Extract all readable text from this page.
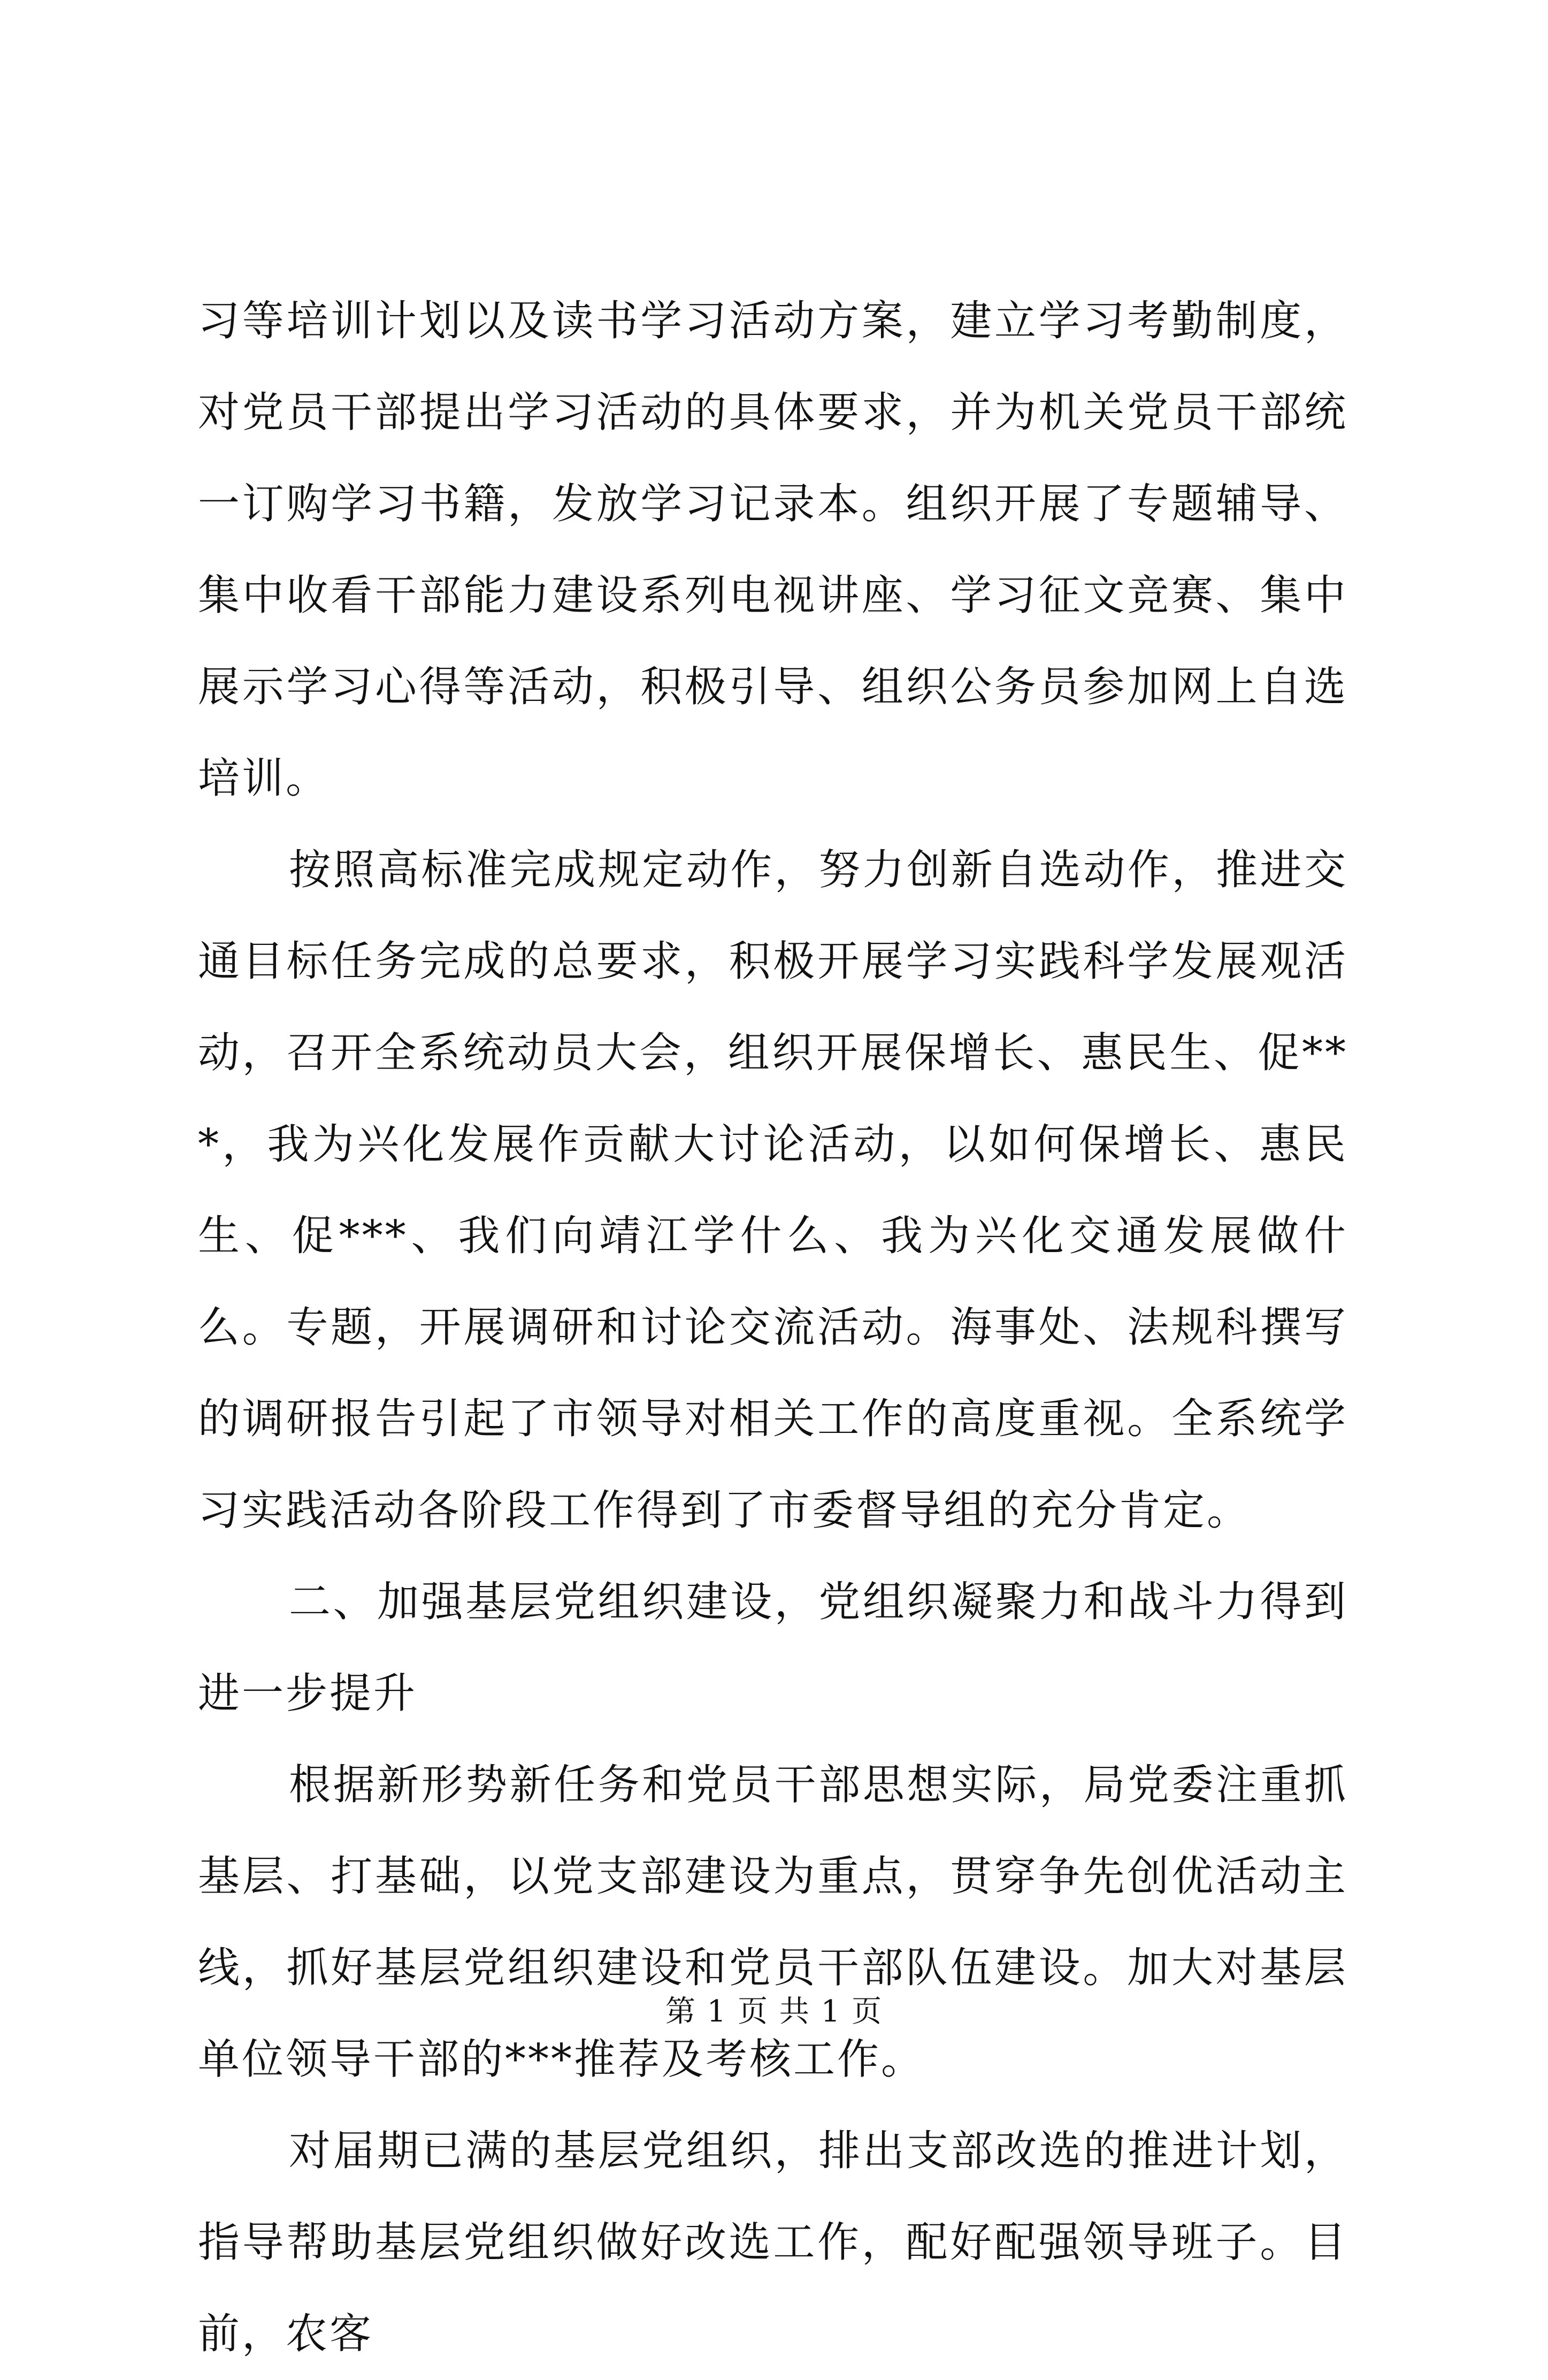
习等培训计划以及读书学习活动方案，建立学习考勤制度，对党员干部提出学习活动的具体要求，并为机关党员干部统一订购学习书籍，发放学习记录本。组织开展了专题辅导、集中收看干部能力建设系列电视讲座、学习征文竞赛、集中展示学习心得等活动，积极引导、组织公务员参加网上自选培训。

按照高标准完成规定动作，努力创新自选动作，推进交通目标任务完成的总要求，积极开展学习实践科学发展观活动，召开全系统动员大会，组织开展保增长、惠民生、促***，我为兴化发展作贡献大讨论活动，以如何保增长、惠民生、促***、我们向靖江学什么、我为兴化交通发展做什么。专题，开展调研和讨论交流活动。海事处、法规科撰写的调研报告引起了市领导对相关工作的高度重视。全系统学习实践活动各阶段工作得到了市委督导组的充分肯定。

二、加强基层党组织建设，党组织凝聚力和战斗力得到进一步提升

根据新形势新任务和党员干部思想实际，局党委注重抓基层、打基础，以党支部建设为重点，贯穿争先创优活动主线，抓好基层党组织建设和党员干部队伍建设。加大对基层单位领导干部的***推荐及考核工作。

对届期已满的基层党组织，排出支部改选的推进计划，指导帮助基层党组织做好改选工作，配好配强领导班子。目前，农客

第 1 页 共 1 页
